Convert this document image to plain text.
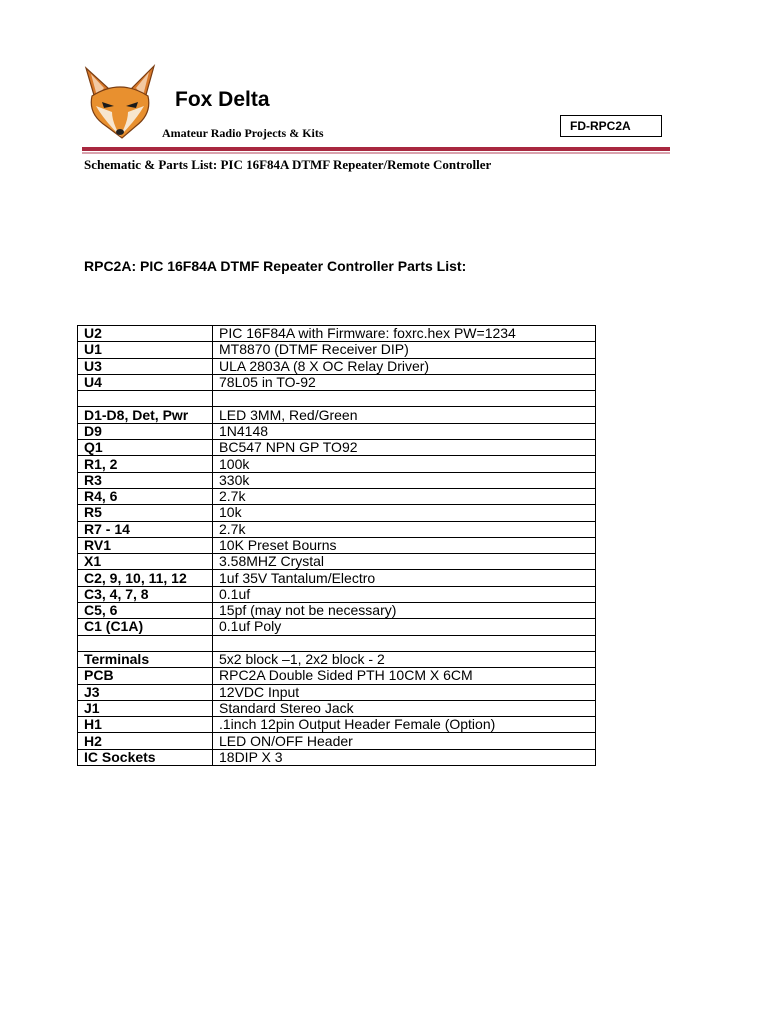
Fox Delta
Amateur Radio Projects & Kits	FD-RPC2A
Schematic & Parts List: PIC 16F84A DTMF Repeater/Remote Controller
RPC2A: PIC 16F84A DTMF Repeater Controller Parts List:
U2	PIC 16F84A with Firmware: foxrc.hex PW=1234
U1	MT8870 (DTMF Receiver DIP)
U3	ULA 2803A (8 X OC Relay Driver)
U4	78L05 in TO-92

D1-D8, Det, Pwr	LED 3MM, Red/Green
D9	1N4148
Q1	BC547 NPN GP TO92
R1, 2	100k
R3	330k
R4, 6	2.7k
R5	10k
R7 - 14	2.7k
RV1	10K Preset Bourns
X1	3.58MHZ Crystal
C2, 9, 10, 11, 12	1uf 35V Tantalum/Electro
C3, 4, 7, 8	0.1uf
C5, 6	15pf (may not be necessary)
C1 (C1A)	0.1uf Poly

Terminals	5x2 block –1, 2x2 block - 2
PCB	RPC2A Double Sided PTH 10CM X 6CM
J3	12VDC Input
J1	Standard Stereo Jack
H1	.1inch 12pin Output Header Female (Option)
H2	LED ON/OFF Header
IC Sockets	18DIP X 3
